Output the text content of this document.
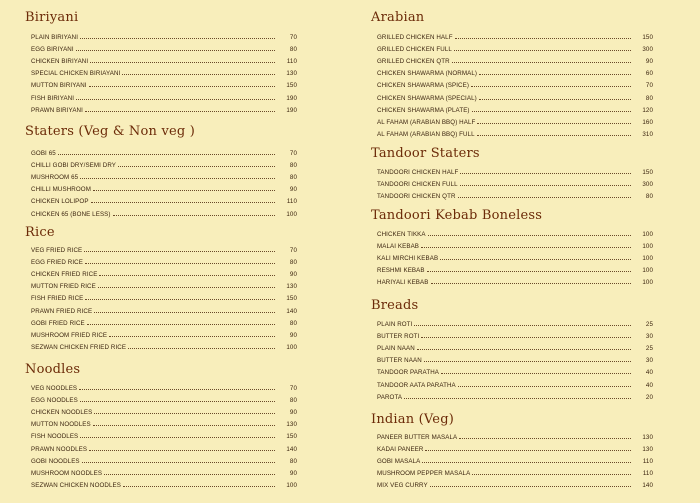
Biriyani
PLAIN BIRIYANI	70
EGG BIRIYANI	80
CHICKEN BIRIYANI	110
SPECIAL CHICKEN BIRIAYANI	130
MUTTON BIRIYANI	150
FISH BIRIYANI	190
PRAWN BIRIYANI	190
Staters (Veg & Non veg )
GOBI 65	70
CHILLI GOBI DRY/SEMI DRY	80
MUSHROOM 65	80
CHILLI MUSHROOM	90
CHICKEN LOLIPOP	110
CHICKEN 65 (BONE LESS)	100
Rice
VEG FRIED RICE	70
EGG FRIED RICE	80
CHICKEN FRIED RICE	90
MUTTON FRIED RICE	130
FISH FRIED RICE	150
PRAWN FRIED RICE	140
GOBI FRIED RICE	80
MUSHROOM FRIED RICE	90
SEZWAN CHICKEN FRIED RICE	100
Noodles
VEG NOODLES	70
EGG NOODLES	80
CHICKEN NOODLES	90
MUTTON NOODLES	130
FISH NOODLES	150
PRAWN NOODLES	140
GOBI NOODLES	80
MUSHROOM NOODLES	90
SEZWAN CHICKEN NOODLES	100
Arabian
GRILLED CHICKEN HALF	150
GRILLED CHICKEN FULL	300
GRILLED CHICKEN QTR	90
CHICKEN SHAWARMA (NORMAL)	60
CHICKEN SHAWARMA (SPICE)	70
CHICKEN SHAWARMA (SPECIAL)	80
CHICKEN SHAWARMA (PLATE)	120
AL FAHAM (ARABIAN BBQ) HALF	160
AL FAHAM (ARABIAN BBQ) FULL	310
Tandoor Staters
TANDOORI CHICKEN HALF	150
TANDOORI CHICKEN FULL	300
TANDOORI CHICKEN QTR	80
Tandoori Kebab Boneless
CHICKEN TIKKA	100
MALAI KEBAB	100
KALI MIRCHI KEBAB	100
RESHMI KEBAB	100
HARIYALI KEBAB	100
Breads
PLAIN ROTI	25
BUTTER ROTI	30
PLAIN NAAN	25
BUTTER NAAN	30
TANDOOR PARATHA	40
TANDOOR AATA PARATHA	40
PAROTA	20
Indian (Veg)
PANEER BUTTER MASALA	130
KADAI PANEER	130
GOBI MASALA	110
MUSHROOM PEPPER MASALA	110
MIX VEG CURRY	140
